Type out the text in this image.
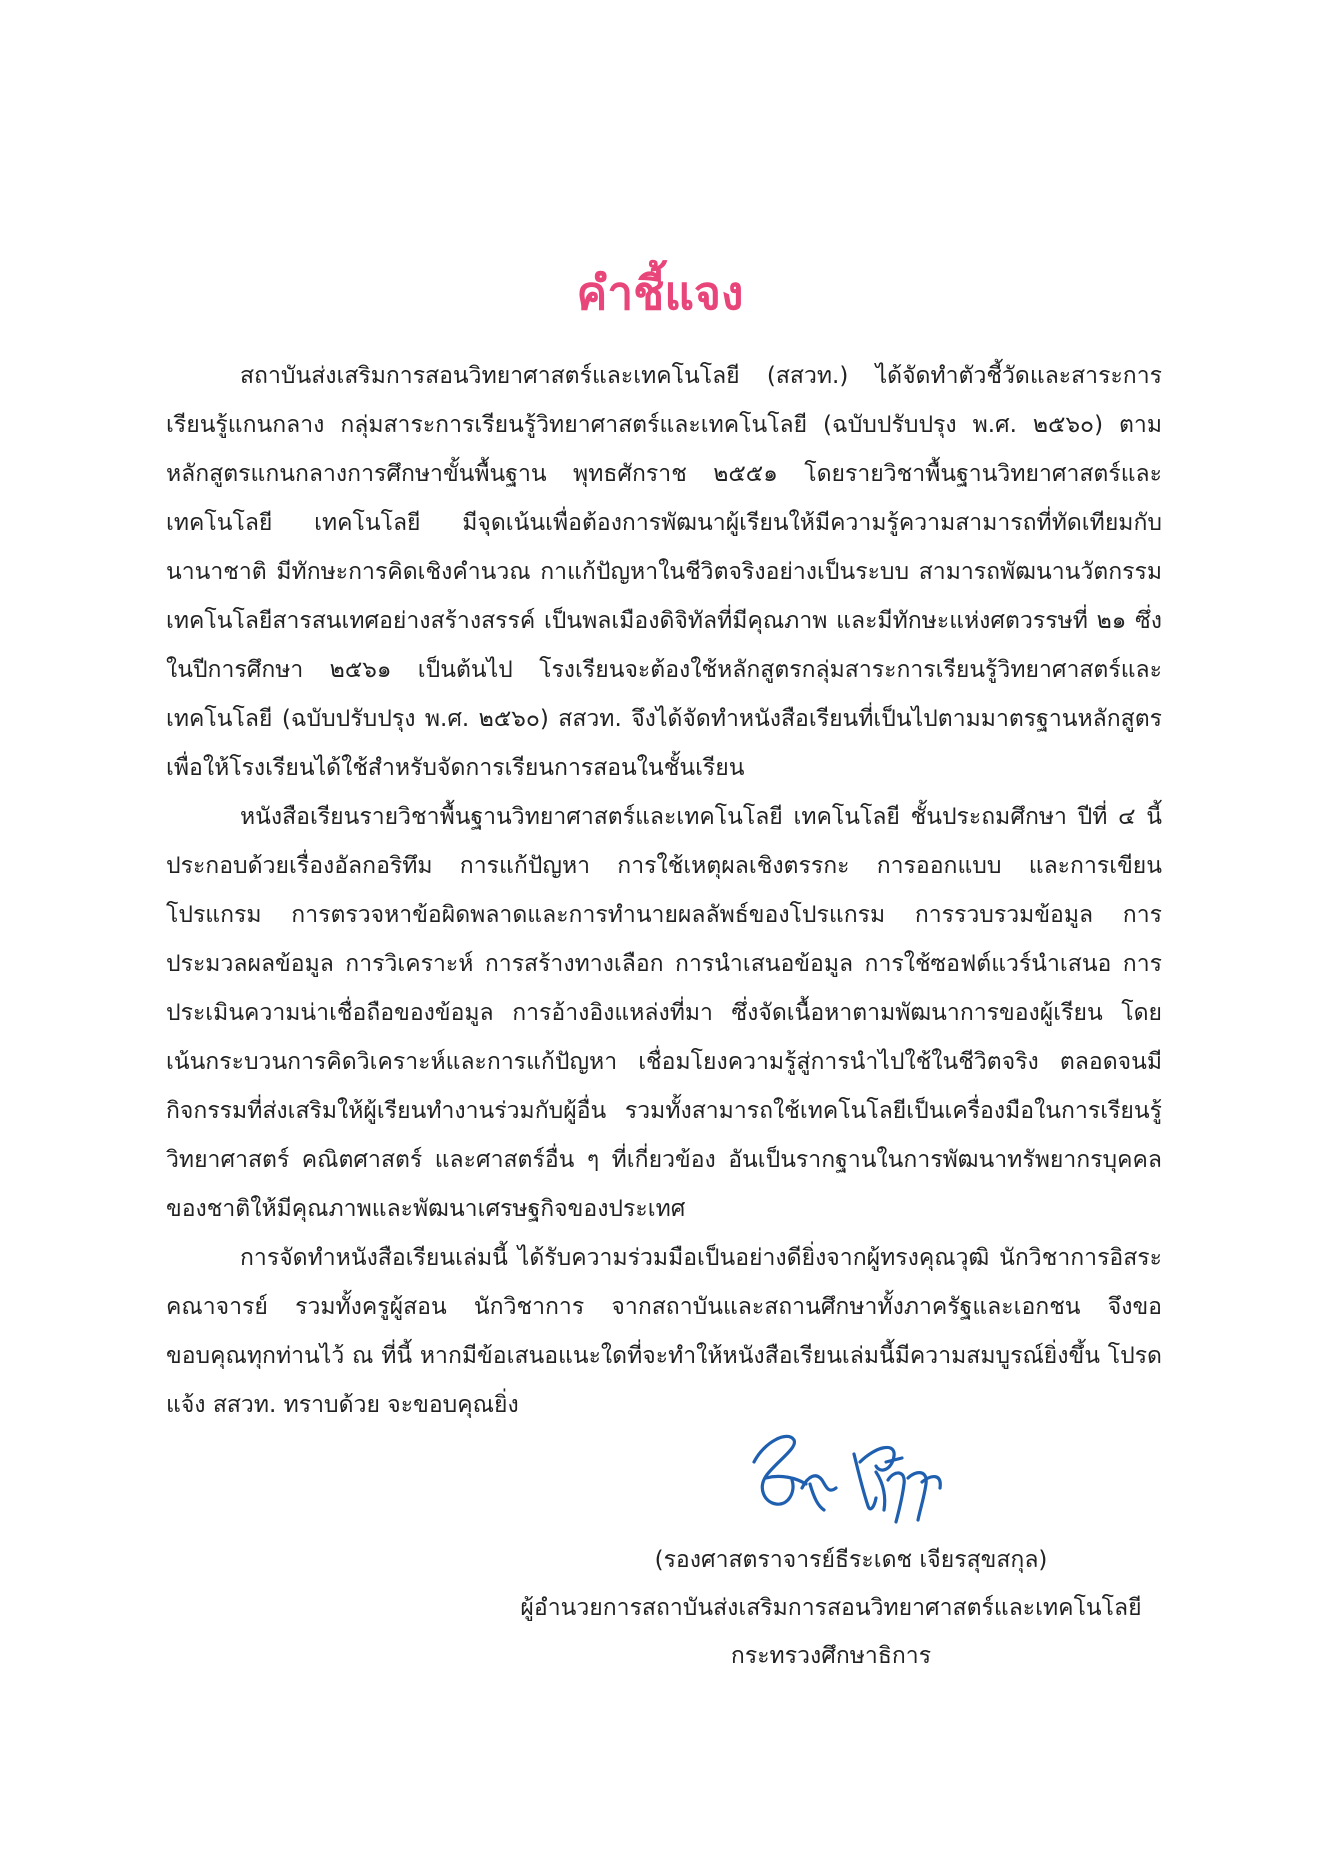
คำชี้แจง

สถาบันส่งเสริมการสอนวิทยาศาสตร์และเทคโนโลยี (สสวท.) ได้จัดทำตัวชี้วัดและสาระการเรียนรู้แกนกลาง กลุ่มสาระการเรียนรู้วิทยาศาสตร์และเทคโนโลยี (ฉบับปรับปรุง พ.ศ. ๒๕๖๐) ตามหลักสูตรแกนกลางการศึกษาขั้นพื้นฐาน พุทธศักราช ๒๕๕๑ โดยรายวิชาพื้นฐานวิทยาศาสตร์และเทคโนโลยี เทคโนโลยี มีจุดเน้นเพื่อต้องการพัฒนาผู้เรียนให้มีความรู้ความสามารถที่ทัดเทียมกับนานาชาติ มีทักษะการคิดเชิงคำนวณ กาแก้ปัญหาในชีวิตจริงอย่างเป็นระบบ สามารถพัฒนานวัตกรรมเทคโนโลยีสารสนเทศอย่างสร้างสรรค์ เป็นพลเมืองดิจิทัลที่มีคุณภาพ และมีทักษะแห่งศตวรรษที่ ๒๑ ซึ่งในปีการศึกษา ๒๕๖๑ เป็นต้นไป โรงเรียนจะต้องใช้หลักสูตรกลุ่มสาระการเรียนรู้วิทยาศาสตร์และเทคโนโลยี (ฉบับปรับปรุง พ.ศ. ๒๕๖๐) สสวท. จึงได้จัดทำหนังสือเรียนที่เป็นไปตามมาตรฐานหลักสูตรเพื่อให้โรงเรียนได้ใช้สำหรับจัดการเรียนการสอนในชั้นเรียน

หนังสือเรียนรายวิชาพื้นฐานวิทยาศาสตร์และเทคโนโลยี เทคโนโลยี ชั้นประถมศึกษา ปีที่ ๔ นี้ ประกอบด้วยเรื่องอัลกอริทึม การแก้ปัญหา การใช้เหตุผลเชิงตรรกะ การออกแบบ และการเขียนโปรแกรม การตรวจหาข้อผิดพลาดและการทำนายผลลัพธ์ของโปรแกรม การรวบรวมข้อมูล การประมวลผลข้อมูล การวิเคราะห์ การสร้างทางเลือก การนำเสนอข้อมูล การใช้ซอฟต์แวร์นำเสนอ การประเมินความน่าเชื่อถือของข้อมูล การอ้างอิงแหล่งที่มา ซึ่งจัดเนื้อหาตามพัฒนาการของผู้เรียน โดยเน้นกระบวนการคิดวิเคราะห์และการแก้ปัญหา เชื่อมโยงความรู้สู่การนำไปใช้ในชีวิตจริง ตลอดจนมีกิจกรรมที่ส่งเสริมให้ผู้เรียนทำงานร่วมกับผู้อื่น รวมทั้งสามารถใช้เทคโนโลยีเป็นเครื่องมือในการเรียนรู้วิทยาศาสตร์ คณิตศาสตร์ และศาสตร์อื่น ๆ ที่เกี่ยวข้อง อันเป็นรากฐานในการพัฒนาทรัพยากรบุคคลของชาติให้มีคุณภาพและพัฒนาเศรษฐกิจของประเทศ

การจัดทำหนังสือเรียนเล่มนี้ ได้รับความร่วมมือเป็นอย่างดียิ่งจากผู้ทรงคุณวุฒิ นักวิชาการอิสระ คณาจารย์ รวมทั้งครูผู้สอน นักวิชาการ จากสถาบันและสถานศึกษาทั้งภาครัฐและเอกชน จึงขอขอบคุณทุกท่านไว้ ณ ที่นี้ หากมีข้อเสนอแนะใดที่จะทำให้หนังสือเรียนเล่มนี้มีความสมบูรณ์ยิ่งขึ้น โปรดแจ้ง สสวท. ทราบด้วย จะขอบคุณยิ่ง

(รองศาสตราจารย์ธีระเดช เจียรสุขสกุล)
ผู้อำนวยการสถาบันส่งเสริมการสอนวิทยาศาสตร์และเทคโนโลยี
กระทรวงศึกษาธิการ
